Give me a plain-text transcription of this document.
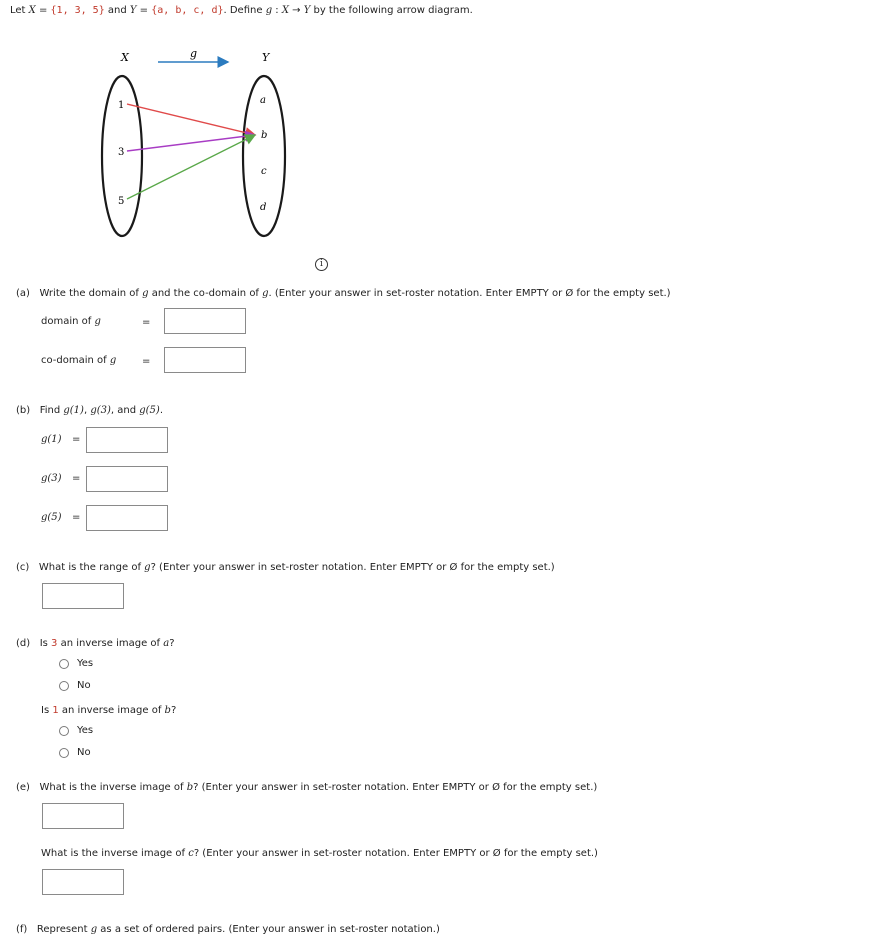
Let X = {1, 3, 5} and Y = {a, b, c, d}. Define g : X → Y by the following arrow diagram.
X	g	Y
1
3
5
a
b
c
d
i
(a) Write the domain of g and the co-domain of g. (Enter your answer in set-roster notation. Enter EMPTY or Ø for the empty set.)
domain of g	=
co-domain of g	=
(b) Find g(1), g(3), and g(5).
g(1) =
g(3) =
g(5) =
(c) What is the range of g? (Enter your answer in set-roster notation. Enter EMPTY or Ø for the empty set.)
(d) Is 3 an inverse image of a?
Yes
No
Is 1 an inverse image of b?
Yes
No
(e) What is the inverse image of b? (Enter your answer in set-roster notation. Enter EMPTY or Ø for the empty set.)
What is the inverse image of c? (Enter your answer in set-roster notation. Enter EMPTY or Ø for the empty set.)
(f) Represent g as a set of ordered pairs. (Enter your answer in set-roster notation.)
